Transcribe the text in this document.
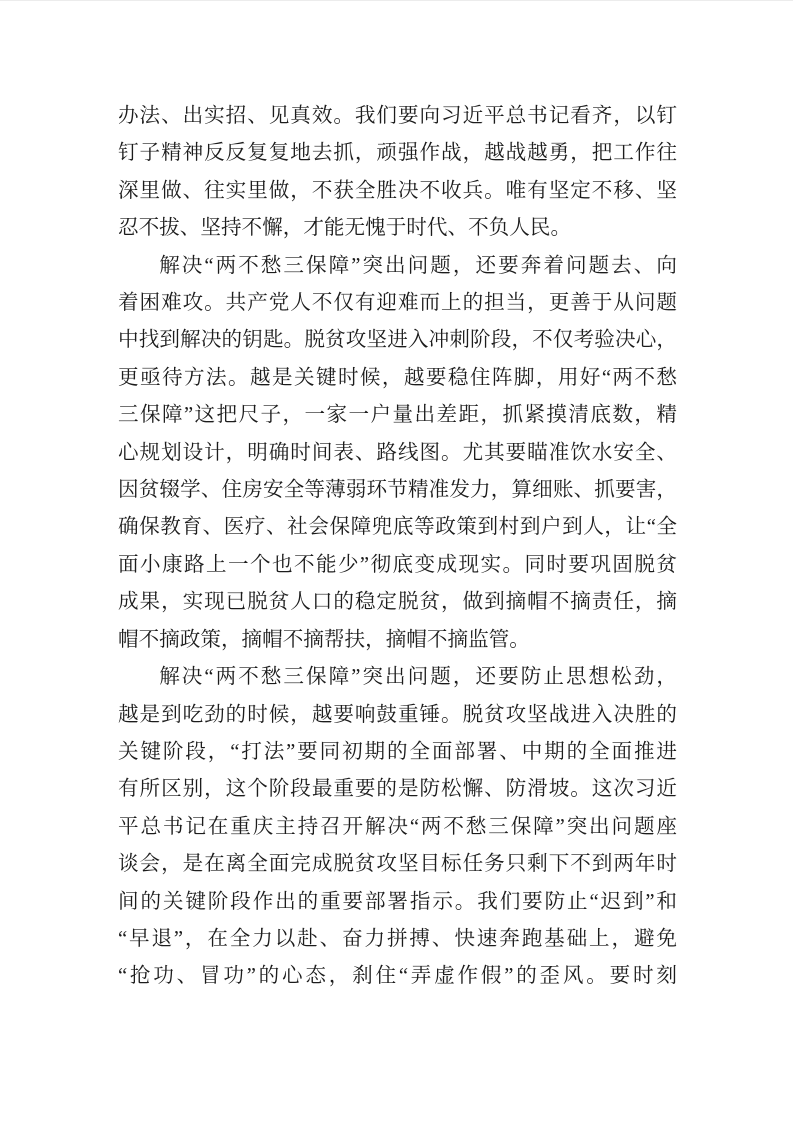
办法、出实招、见真效。我们要向习近平总书记看齐，以钉
钉子精神反反复复地去抓，顽强作战，越战越勇，把工作往
深里做、往实里做，不获全胜决不收兵。唯有坚定不移、坚
忍不拔、坚持不懈，才能无愧于时代、不负人民。
解决“两不愁三保障”突出问题，还要奔着问题去、向
着困难攻。共产党人不仅有迎难而上的担当，更善于从问题
中找到解决的钥匙。脱贫攻坚进入冲刺阶段，不仅考验决心，
更亟待方法。越是关键时候，越要稳住阵脚，用好“两不愁
三保障”这把尺子，一家一户量出差距，抓紧摸清底数，精
心规划设计，明确时间表、路线图。尤其要瞄准饮水安全、
因贫辍学、住房安全等薄弱环节精准发力，算细账、抓要害，
确保教育、医疗、社会保障兜底等政策到村到户到人，让“全
面小康路上一个也不能少”彻底变成现实。同时要巩固脱贫
成果，实现已脱贫人口的稳定脱贫，做到摘帽不摘责任，摘
帽不摘政策，摘帽不摘帮扶，摘帽不摘监管。
解决“两不愁三保障”突出问题，还要防止思想松劲，
越是到吃劲的时候，越要响鼓重锤。脱贫攻坚战进入决胜的
关键阶段，“打法”要同初期的全面部署、中期的全面推进
有所区别，这个阶段最重要的是防松懈、防滑坡。这次习近
平总书记在重庆主持召开解决“两不愁三保障”突出问题座
谈会，是在离全面完成脱贫攻坚目标任务只剩下不到两年时
间的关键阶段作出的重要部署指示。我们要防止“迟到”和
“早退”，在全力以赴、奋力拼搏、快速奔跑基础上，避免
“抢功、冒功”的心态，刹住“弄虚作假”的歪风。要时刻
